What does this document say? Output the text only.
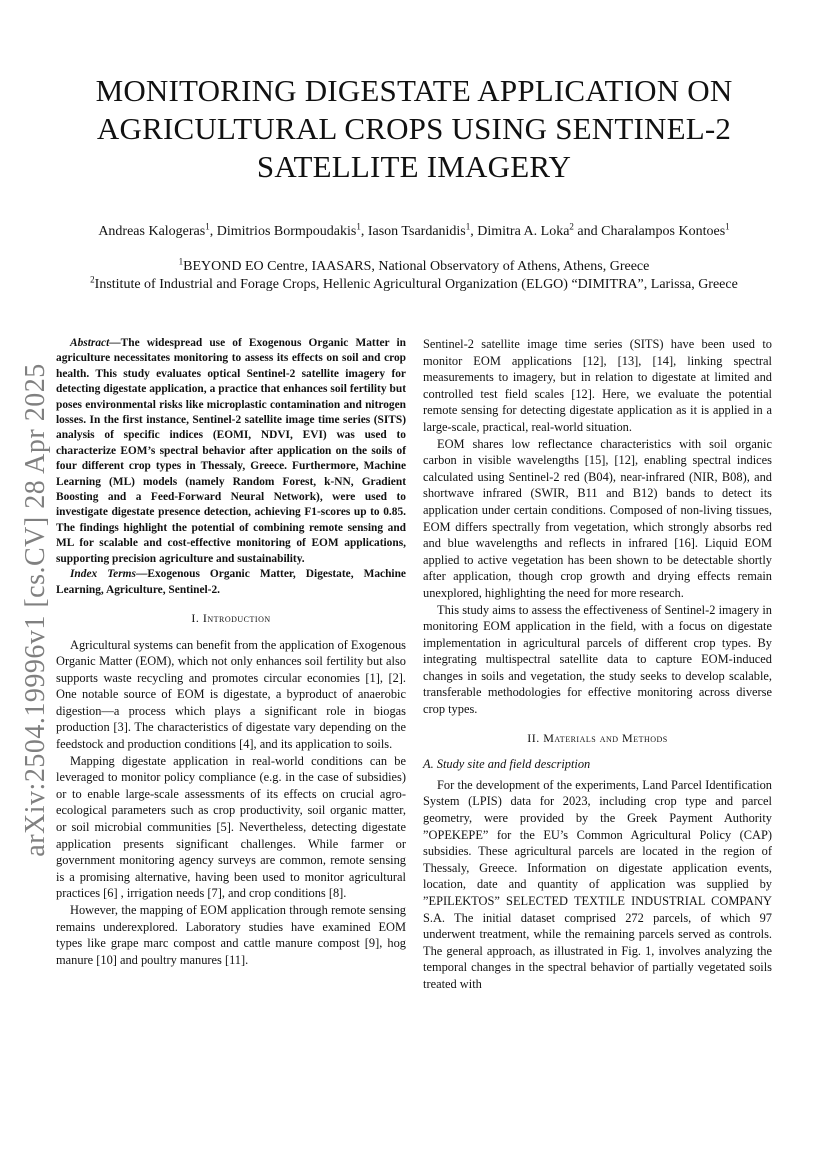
arXiv:2504.19996v1 [cs.CV] 28 Apr 2025
MONITORING DIGESTATE APPLICATION ON
AGRICULTURAL CROPS USING SENTINEL-2
SATELLITE IMAGERY
Andreas Kalogeras$^1$, Dimitrios Bormpoudakis$^1$, Iason Tsardanidis$^1$, Dimitra A. Loka$^2$ and Charalampos Kontoes$^1$
$^1$BEYOND EO Centre, IAASARS, National Observatory of Athens, Athens, Greece
$^2$Institute of Industrial and Forage Crops, Hellenic Agricultural Organization (ELGO) “DIMITRA”, Larissa, Greece

Abstract—The widespread use of Exogenous Organic Matter in agriculture necessitates monitoring to assess its effects on soil and crop health. This study evaluates optical Sentinel-2 satellite imagery for detecting digestate application, a practice that enhances soil fertility but poses environmental risks like microplastic contamination and nitrogen losses. In the first instance, Sentinel-2 satellite image time series (SITS) analysis of specific indices (EOMI, NDVI, EVI) was used to characterize EOM’s spectral behavior after application on the soils of four different crop types in Thessaly, Greece. Furthermore, Machine Learning (ML) models (namely Random Forest, k-NN, Gradient Boosting and a Feed-Forward Neural Network), were used to investigate digestate presence detection, achieving F1-scores up to 0.85. The findings highlight the potential of combining remote sensing and ML for scalable and cost-effective monitoring of EOM applications, supporting precision agriculture and sustainability.

Index Terms—Exogenous Organic Matter, Digestate, Machine Learning, Agriculture, Sentinel-2.

I. Introduction

Agricultural systems can benefit from the application of Exogenous Organic Matter (EOM), which not only enhances soil fertility but also supports waste recycling and promotes circular economies [1], [2]. One notable source of EOM is digestate, a byproduct of anaerobic digestion—a process which plays a significant role in biogas production [3]. The characteristics of digestate vary depending on the feedstock and production conditions [4], and its application to soils.

Mapping digestate application in real-world conditions can be leveraged to monitor policy compliance (e.g. in the case of subsidies) or to enable large-scale assessments of its effects on crucial agro-ecological parameters such as crop productivity, soil organic matter, or soil microbial communities [5]. Nevertheless, detecting digestate application presents significant challenges. While farmer or government monitoring agency surveys are common, remote sensing is a promising alternative, having been used to monitor agricultural practices [6] , irrigation needs [7], and crop conditions [8].

However, the mapping of EOM application through remote sensing remains underexplored. Laboratory studies have examined EOM types like grape marc compost and cattle manure compost [9], hog manure [10] and poultry manures [11].

Sentinel-2 satellite image time series (SITS) have been used to monitor EOM applications [12], [13], [14], linking spectral measurements to imagery, but in relation to digestate at limited and controlled test field scales [12]. Here, we evaluate the potential remote sensing for detecting digestate application as it is applied in a large-scale, practical, real-world situation.

EOM shares low reflectance characteristics with soil organic carbon in visible wavelengths [15], [12], enabling spectral indices calculated using Sentinel-2 red (B04), near-infrared (NIR, B08), and shortwave infrared (SWIR, B11 and B12) bands to detect its application under certain conditions. Composed of non-living tissues, EOM differs spectrally from vegetation, which strongly absorbs red and blue wavelengths and reflects in infrared [16]. Liquid EOM applied to active vegetation has been shown to be detectable shortly after application, though crop growth and drying effects remain unexplored, highlighting the need for more research.

This study aims to assess the effectiveness of Sentinel-2 imagery in monitoring EOM application in the field, with a focus on digestate implementation in agricultural parcels of different crop types. By integrating multispectral satellite data to capture EOM-induced changes in soils and vegetation, the study seeks to develop scalable, transferable methodologies for effective monitoring across diverse crop types.

II. Materials and Methods
A. Study site and field description

For the development of the experiments, Land Parcel Identification System (LPIS) data for 2023, including crop type and parcel geometry, were provided by the Greek Payment Authority ”OPEKEPE” for the EU’s Common Agricultural Policy (CAP) subsidies. These agricultural parcels are located in the region of Thessaly, Greece. Information on digestate application events, location, date and quantity of application was supplied by ”EPILEKTOS” SELECTED TEXTILE INDUSTRIAL COMPANY S.A. The initial dataset comprised 272 parcels, of which 97 underwent treatment, while the remaining parcels served as controls. The general approach, as illustrated in Fig. 1, involves analyzing the temporal changes in the spectral behavior of partially vegetated soils treated with
